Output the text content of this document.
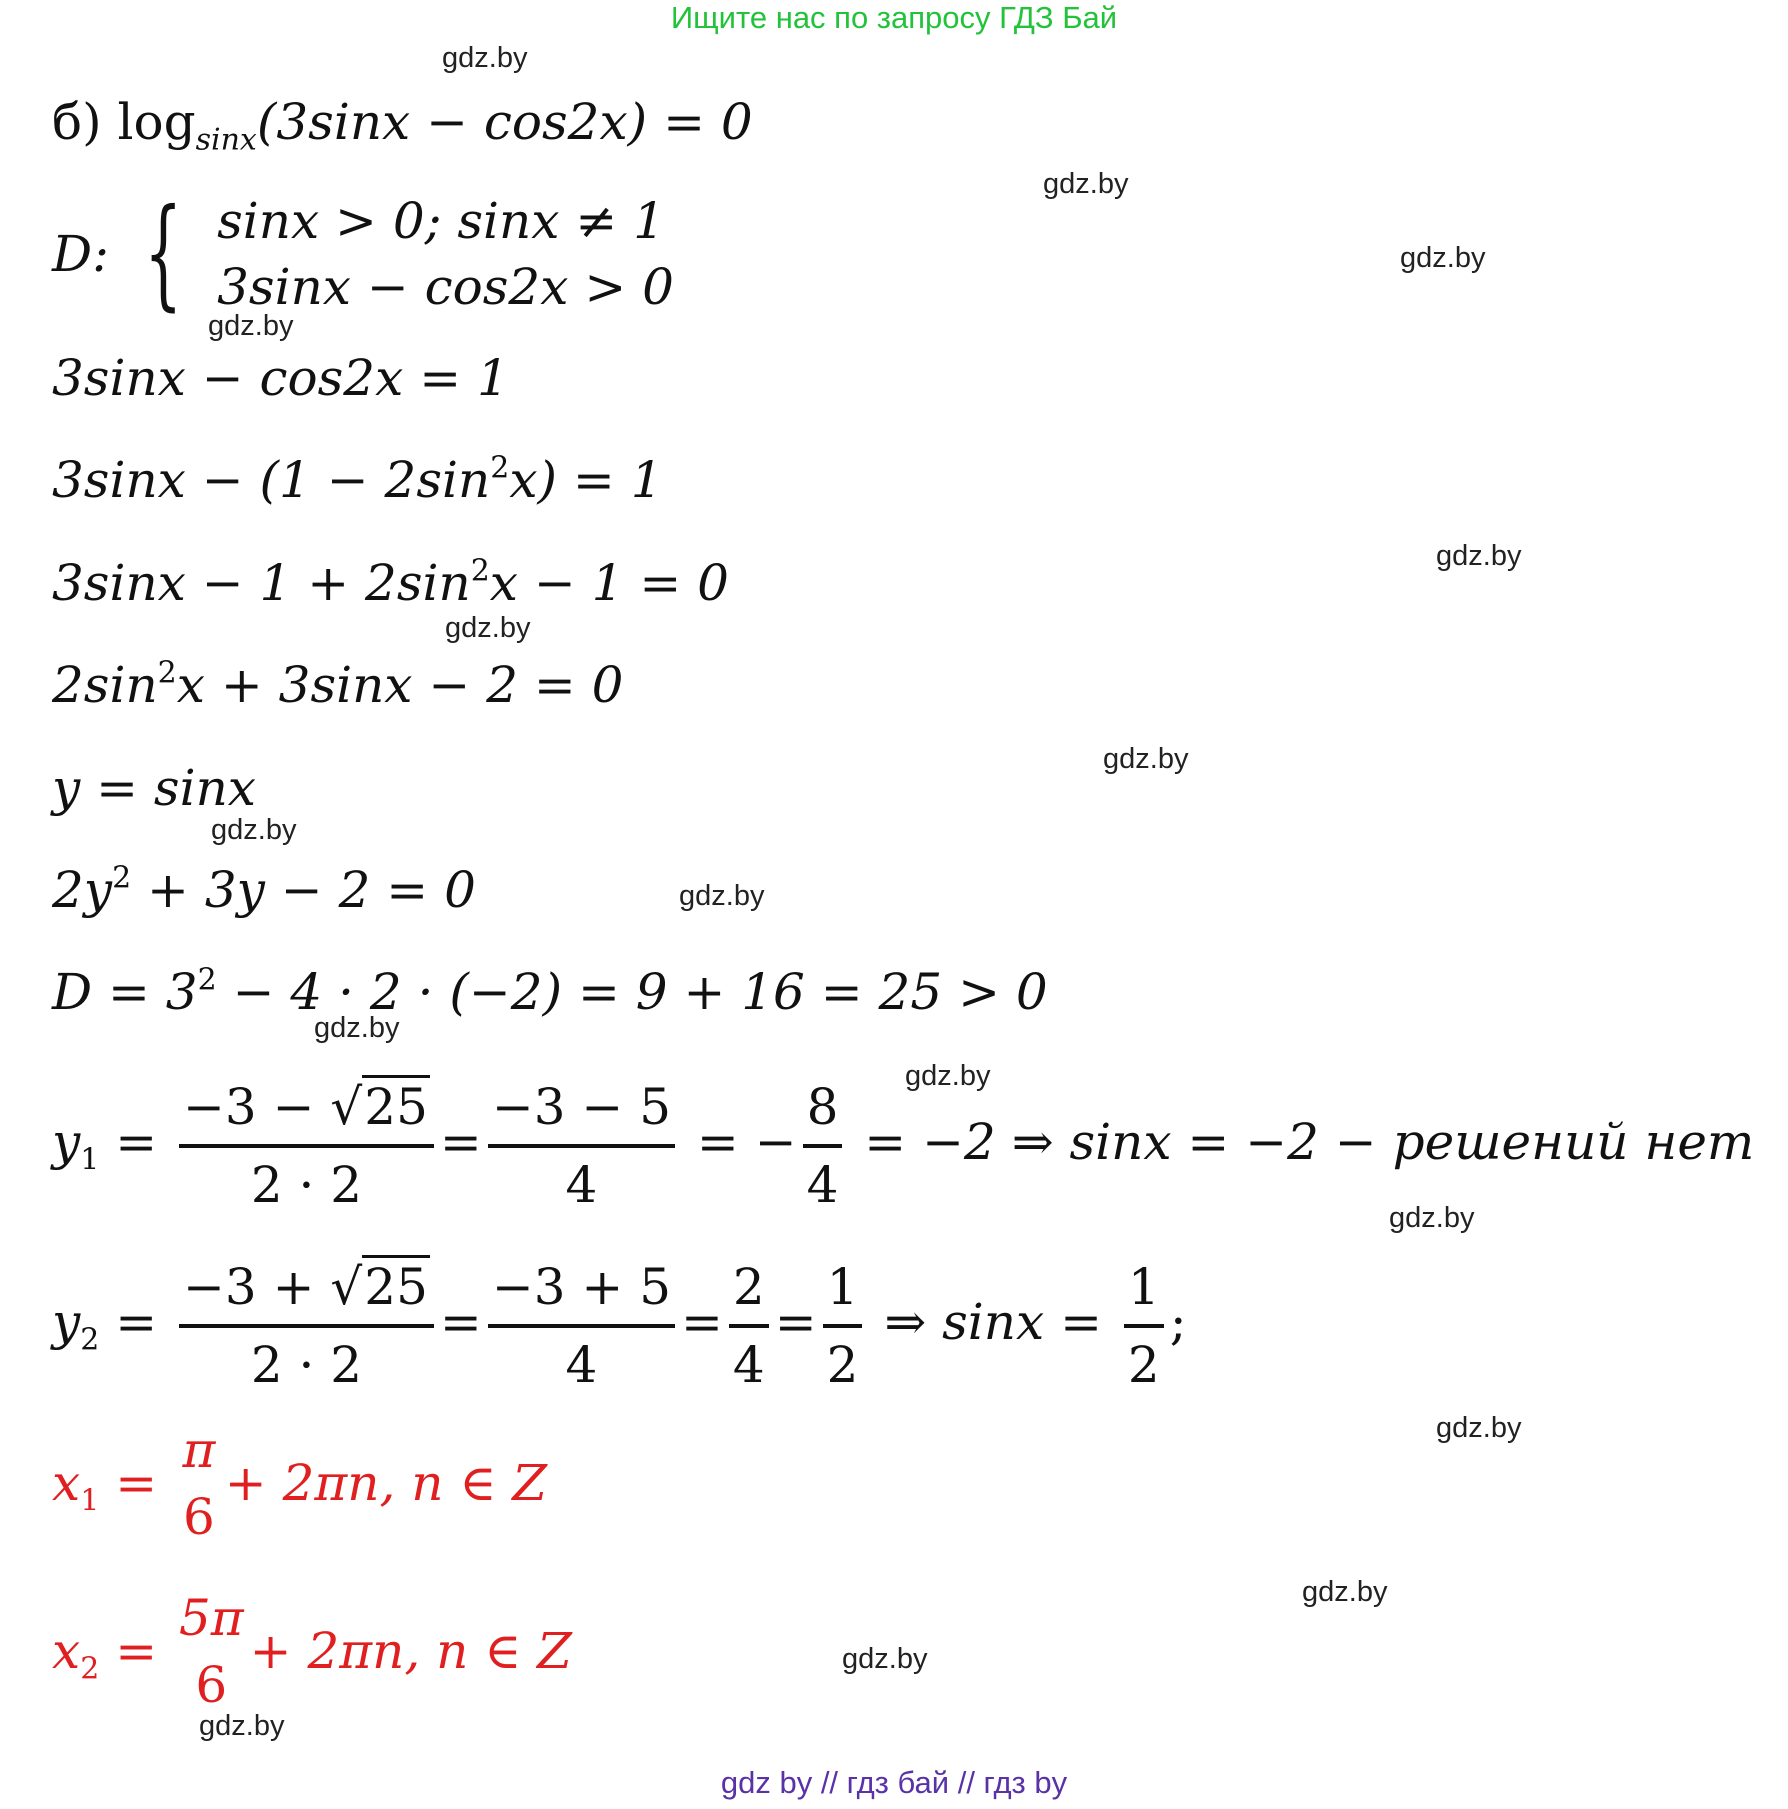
Ищите нас по запросу ГДЗ Бай
gdz.by
gdz.by
gdz.by
gdz.by
gdz.by
gdz.by
gdz.by
gdz.by
gdz.by
gdz.by
gdz.by
gdz.by
gdz.by
gdz.by
gdz.by
gdz.by
б) $\log_{sinx}(3\sin x - \cos 2x) = 0$
D: { sinx > 0; sinx ≠ 1
3sinx − cos2x > 0
3sinx − cos2x = 1
$3\sin x - (1 - 2\sin^2x) = 1$
$3\sin x - 1 + 2\sin^2x - 1 = 0$
$2\sin^2x + 3\sin x - 2 = 0$
y = sinx
$2y^2 + 3y - 2 = 0$
$D = 3^2 - 4 \cdot 2 \cdot (-2) = 9 + 16 = 25 > 0$
$y_1 = \frac{-3 - √25}{2 \cdot 2} = \frac{-3 - 5}{4}$ = − $\frac{8}{4} = -2$ ⇒ sinx = −2 − решений нет
$y_2 = \frac{-3 + √25}{2 \cdot 2} = \frac{-3 + 5}{4} = \frac{2}{4} = \frac{1}{2}$ ⇒ $\sin x = \frac{1}{2}$ ;
$x_1$ =
π
6
+ 2πn, n ∈ Z
$x_2$ =
5π
6
+ 2πn, n ∈ Z
gdz by // гдз бай // гдз by
